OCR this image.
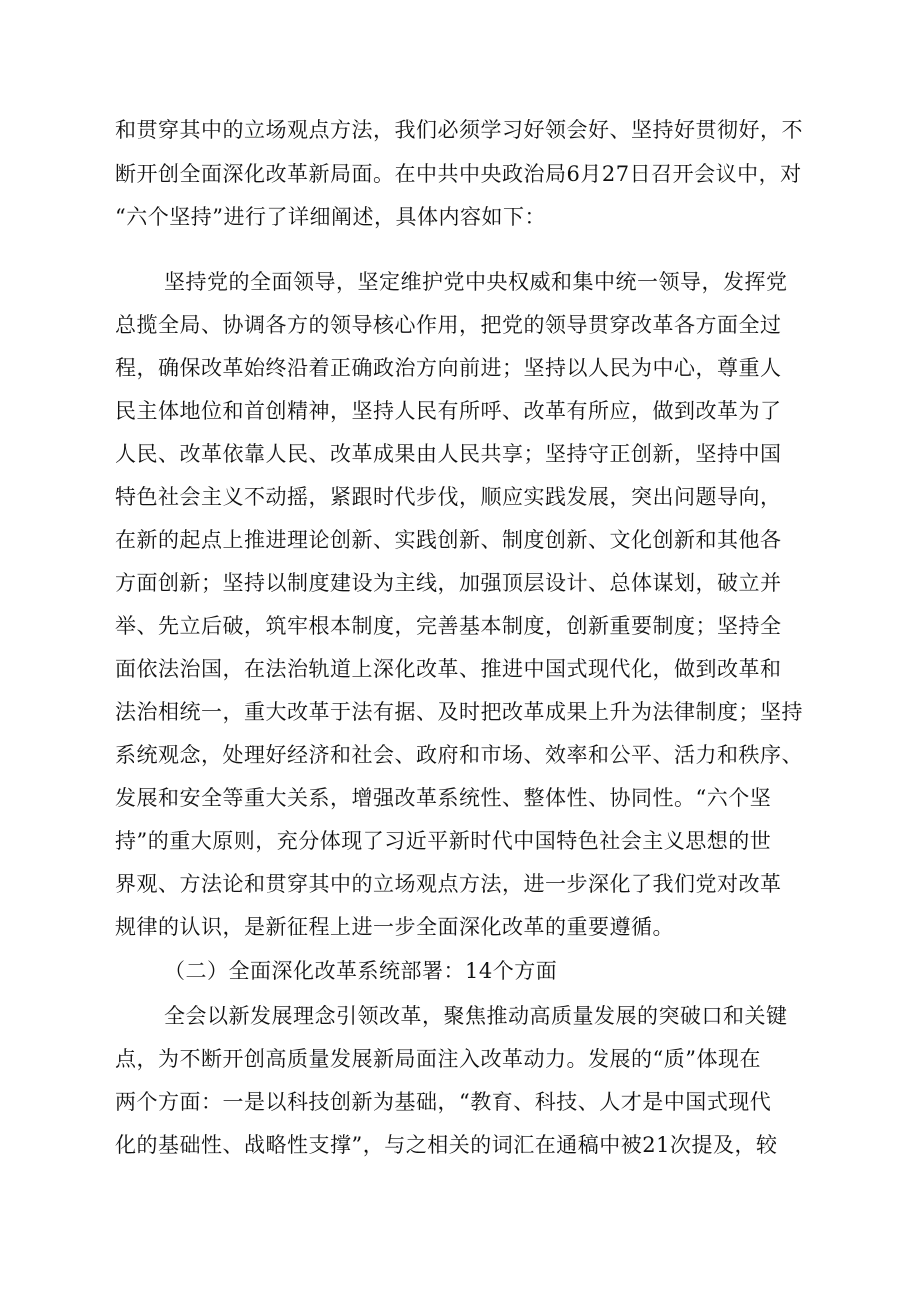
和贯穿其中的立场观点方法，我们必须学习好领会好、坚持好贯彻好，不
断开创全面深化改革新局面。在中共中央政治局6月27日召开会议中，对
“六个坚持”进行了详细阐述，具体内容如下：
坚持党的全面领导，坚定维护党中央权威和集中统一领导，发挥党
总揽全局、协调各方的领导核心作用，把党的领导贯穿改革各方面全过
程，确保改革始终沿着正确政治方向前进；坚持以人民为中心，尊重人
民主体地位和首创精神，坚持人民有所呼、改革有所应，做到改革为了
人民、改革依靠人民、改革成果由人民共享；坚持守正创新，坚持中国
特色社会主义不动摇，紧跟时代步伐，顺应实践发展，突出问题导向，
在新的起点上推进理论创新、实践创新、制度创新、文化创新和其他各
方面创新；坚持以制度建设为主线，加强顶层设计、总体谋划，破立并
举、先立后破，筑牢根本制度，完善基本制度，创新重要制度；坚持全
面依法治国，在法治轨道上深化改革、推进中国式现代化，做到改革和
法治相统一，重大改革于法有据、及时把改革成果上升为法律制度；坚持
系统观念，处理好经济和社会、政府和市场、效率和公平、活力和秩序、
发展和安全等重大关系，增强改革系统性、整体性、协同性。“六个坚
持”的重大原则，充分体现了习近平新时代中国特色社会主义思想的世
界观、方法论和贯穿其中的立场观点方法，进一步深化了我们党对改革
规律的认识，是新征程上进一步全面深化改革的重要遵循。
（二）全面深化改革系统部署：14个方面
全会以新发展理念引领改革，聚焦推动高质量发展的突破口和关键
点，为不断开创高质量发展新局面注入改革动力。发展的“质”体现在
两个方面：一是以科技创新为基础，“教育、科技、人才是中国式现代
化的基础性、战略性支撑”，与之相关的词汇在通稿中被21次提及，较
